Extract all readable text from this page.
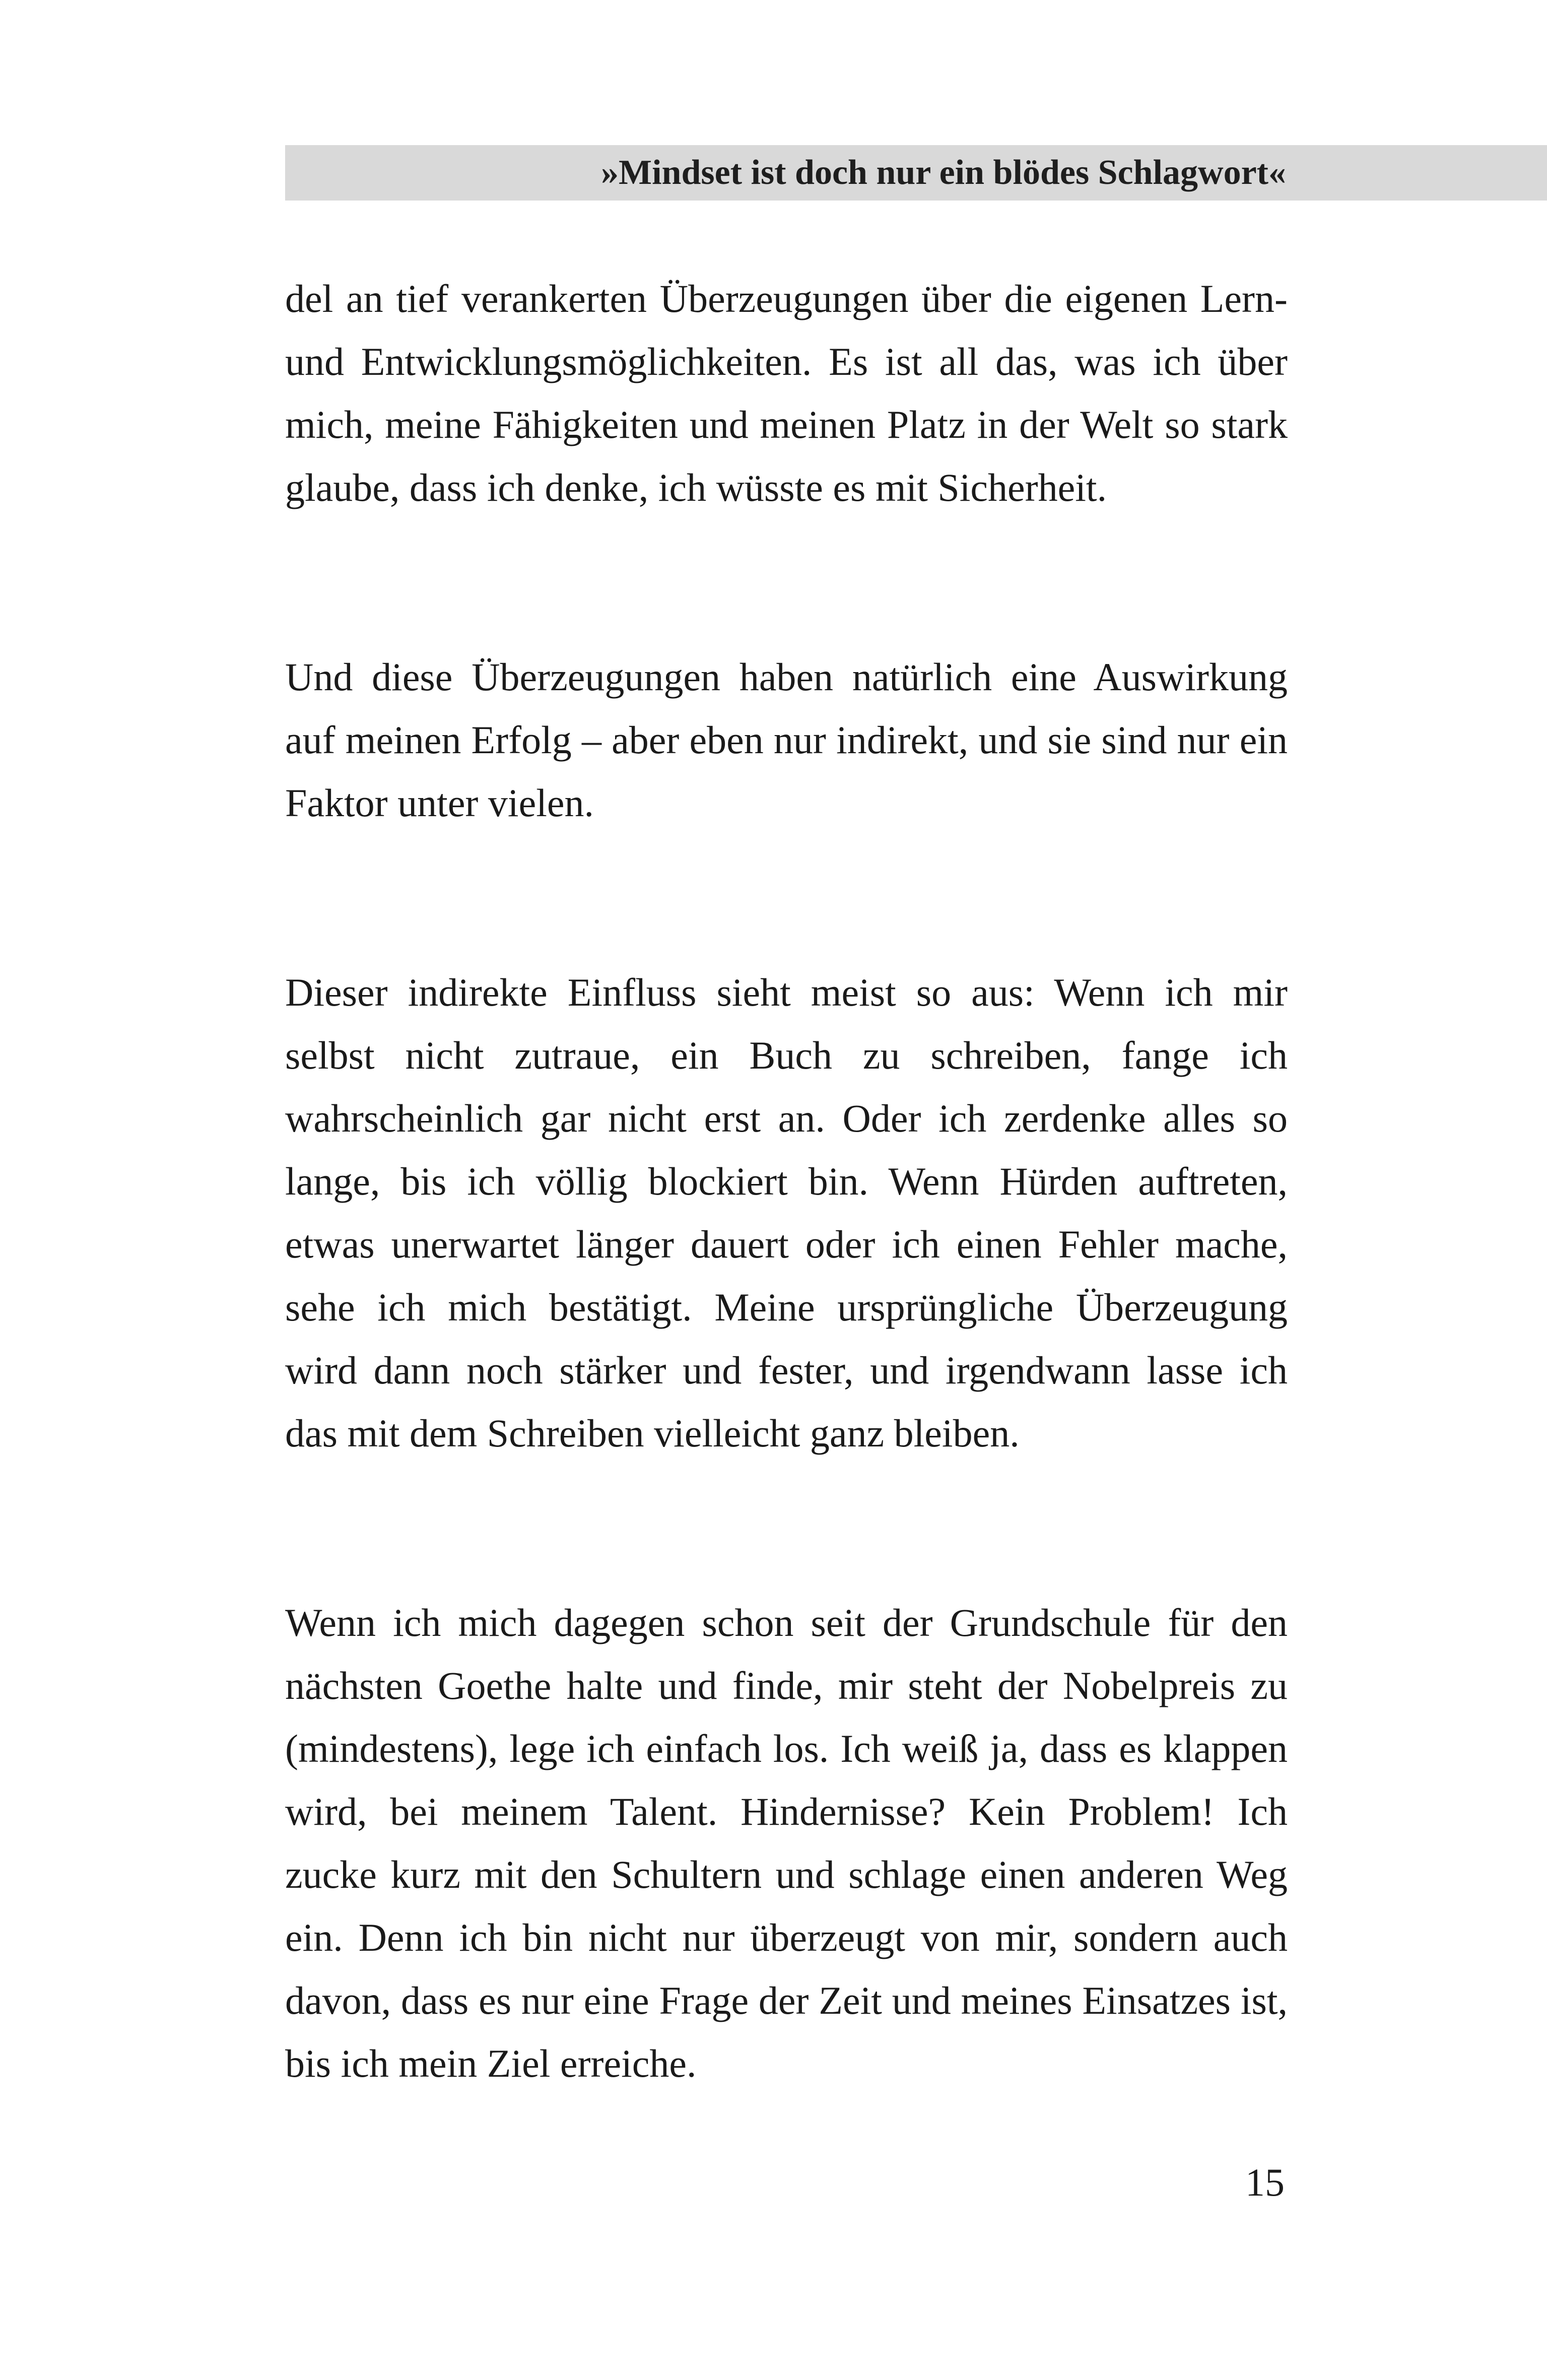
»Mindset ist doch nur ein blödes Schlagwort«

del an tief verankerten Überzeugungen über die eigenen Lern- und Entwicklungsmöglichkeiten. Es ist all das, was ich über mich, meine Fähigkeiten und meinen Platz in der Welt so stark glaube, dass ich denke, ich wüsste es mit Sicherheit.

Und diese Überzeugungen haben natürlich eine Auswirkung auf meinen Erfolg – aber eben nur indirekt, und sie sind nur ein Faktor unter vielen.

Dieser indirekte Einfluss sieht meist so aus: Wenn ich mir selbst nicht zutraue, ein Buch zu schreiben, fange ich wahrscheinlich gar nicht erst an. Oder ich zerdenke alles so lange, bis ich völlig blockiert bin. Wenn Hürden auftreten, etwas unerwartet länger dauert oder ich einen Fehler mache, sehe ich mich bestätigt. Meine ursprüngliche Überzeugung wird dann noch stärker und fester, und irgendwann lasse ich das mit dem Schreiben vielleicht ganz bleiben.

Wenn ich mich dagegen schon seit der Grundschule für den nächsten Goethe halte und finde, mir steht der Nobelpreis zu (mindestens), lege ich einfach los. Ich weiß ja, dass es klappen wird, bei meinem Talent. Hindernisse? Kein Problem! Ich zucke kurz mit den Schultern und schlage einen anderen Weg ein. Denn ich bin nicht nur überzeugt von mir, sondern auch davon, dass es nur eine Frage der Zeit und meines Einsatzes ist, bis ich mein Ziel erreiche.

15
